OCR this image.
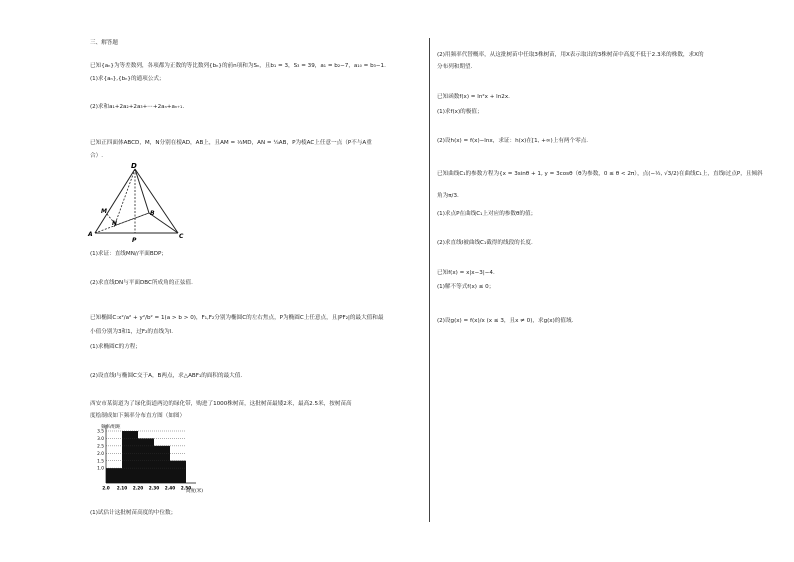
三、解答题
已知{aₙ}为等差数列，各项都为正数的等比数列{bₙ}的前n项和为Sₙ，且b₁ = 3，S₃ = 39，a₁ = b₂−7，a₁₀ = b₃−1.
(1)求{aₙ},{bₙ}的通项公式；
(2)求和a₁+2a₂+2a₃+⋯+2aₙ+aₙ₊₁.
已知正四面体ABCD，M，N分别在棱AD，AB上，且AM = ⅓MD，AN = ¼AB，P为棱AC上任意一点（P不与A重
合）.
D
M
N
B
A	C
P
(1)求证：直线MN//平面BDP；
(2)求直线DN与平面DBC所成角的正弦值.
已知椭圆C:x²/a² + y²/b² = 1(a > b > 0)，F₁,F₂分别为椭圆C的左右焦点，P为椭圆C上任意点，且|PF₂|的最大值和最
小值分别为3和1，过F₂的直线为l.
(1)求椭圆C的方程；
(2)设直线l与椭圆C交于A，B两点，求△ABF₁的面积的最大值.
西安市某街道为了绿化街道两边的绿化带，购进了1000株树苗，这批树苗最矮2米，最高2.5米，按树苗高
度绘制成如下频率分布直方图（如图）
3.5
3.0
2.5
2.0
1.5
1.0
2.0 2.10 2.20 2.30 2.40 2.50
频率/组距
高度(米)
(1)试估计这批树苗高度的中位数；
(2)用频率代替概率，从这批树苗中任取3株树苗，用X表示取出的3株树苗中高度不低于2.3米的株数，求X的
分布列和期望.
已知函数f(x) = ln²x + ln2x.
(1)求f(x)的极值；
(2)设h(x) = f(x)−lnx，求证：h(x)在[1, +∞)上有两个零点.
已知曲线C₁的参数方程为{x = 3sinθ + 1, y = 3cosθ（θ为参数，0 ≤ θ < 2π），点(−½, √3/2)在曲线C₁上，直线l过点P，且倾斜
角为π/3.
(1)求点P在曲线C₁上对应的参数θ的值；
(2)求直线l被曲线C₁截得的线段的长度.
已知f(x) = x|x−3|−4.
(1)解不等式f(x) ≤ 0；
(2)设g(x) = f(x)/x (x ≤ 3，且x ≠ 0)，求g(x)的值域.
